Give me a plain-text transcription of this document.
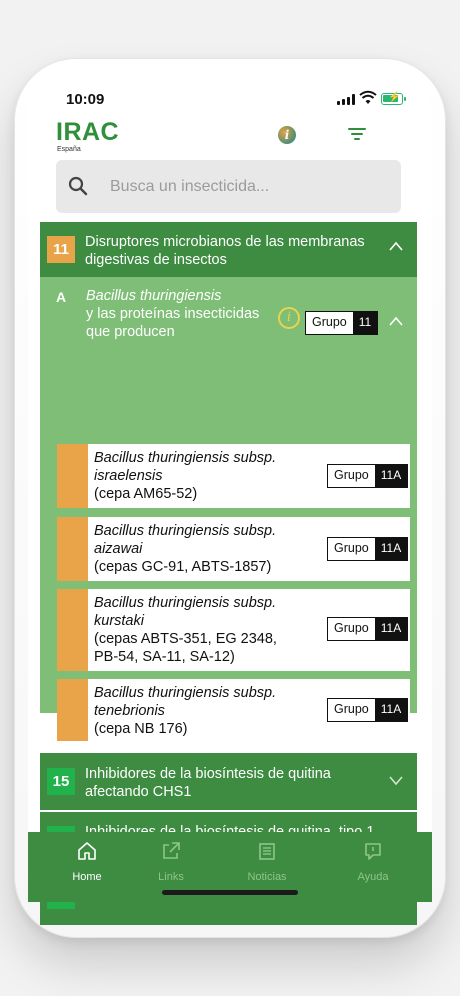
10:09	⚡
IRAC
España
i
Busca un insecticida...
11	Disruptores microbianos de las membranas digestivas de insectos
A Bacillus thuringiensis
y las proteínas insecticidas que producen
i	Grupo	11
Bacillus thuringiensis subsp. israelensis
(cepa AM65-52)
Grupo	11A
Bacillus thuringiensis subsp. aizawai
(cepas GC-91, ABTS-1857)
Grupo	11A
Bacillus thuringiensis subsp. kurstaki
(cepas ABTS-351, EG 2348, PB-54, SA-11, SA-12)
Grupo	11A
Bacillus thuringiensis subsp. tenebrionis
(cepa NB 176)
Grupo	11A
15	Inhibidores de la biosíntesis de quitina afectando CHS1
Home	Links	Noticias	Ayuda
